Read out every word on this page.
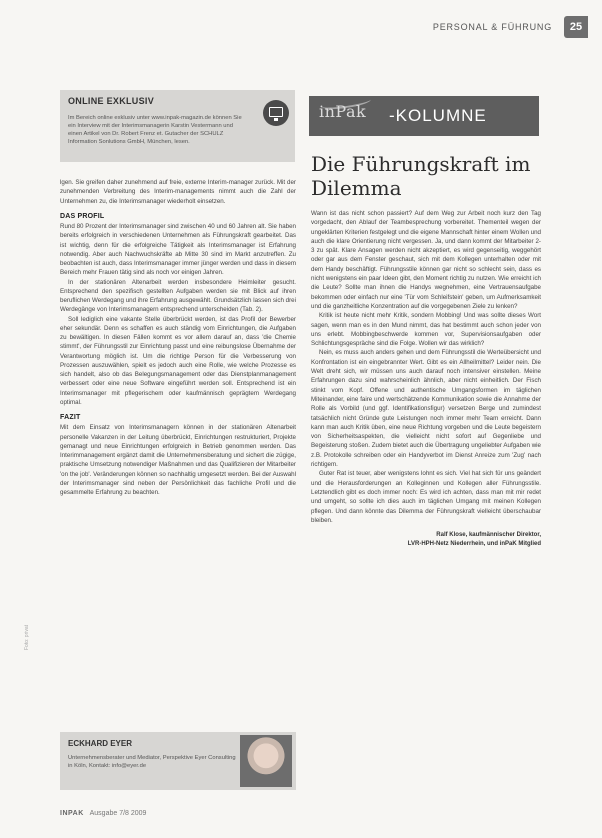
PERSONAL & FÜHRUNG	25
ONLINE EXKLUSIV
Im Bereich online exklusiv unter www.inpak-magazin.de können Sie ein Interview mit der Interimsmanagerin Karstin Vestermann und einen Artikel von Dr. Robert Frenz et. Gutacher der SCHULZ Information Sonlutions GmbH, München, lesen.

lgen. Sie greifen daher zunehmend auf freie, externe Interim-manager zurück. Mit der zunehmenden Verbreitung des Interim-managements nimmt auch die Zahl der Unternehmen zu, die Interimsmanager wiederholt einsetzen.

DAS PROFIL

Rund 80 Prozent der Interimsmanager sind zwischen 40 und 60 Jahren alt. Sie haben bereits erfolgreich in verschiedenen Unternehmen als Führungskraft gearbeitet. Das ist wichtig, denn für die erfolgreiche Tätigkeit als Interimsmanager ist Erfahrung notwendig. Aber auch Nachwuchskräfte ab Mitte 30 sind im Markt anzutreffen. Zu beobachten ist auch, dass Interimsmanager immer jünger werden und dass in diesem Bereich mehr Frauen tätig sind als noch vor einigen Jahren.

In der stationären Altenarbeit werden insbesondere Heimleiter gesucht. Entsprechend den spezifisch gestellten Aufgaben werden sie mit Blick auf ihren beruflichen Werdegang und ihre Erfahrung ausgewählt. Grundsätzlich lassen sich drei Werdegänge von Interimsmanagern entsprechend unterscheiden (Tab. 2).

Soll lediglich eine vakante Stelle überbrückt werden, ist das Profil der Bewerber eher sekundär. Denn es schaffen es auch ständig vom Einrichtungen, die Aufgaben zu bewältigen. In diesen Fällen kommt es vor allem darauf an, dass 'die Chemie stimmt', der Führungsstil zur Einrichtung passt und eine reibungslose Übernahme der Verantwortung möglich ist. Um die richtige Person für die Verbesserung von Prozessen auszuwählen, spielt es jedoch auch eine Rolle, wie welche Prozesse es sich handelt, also ob das Belegungsmanagement oder das Dienstplanmanagement verbessert oder eine neue Software eingeführt werden soll. Entsprechend ist ein Interimsmanager mit pflegerischem oder kaufmännisch geprägtem Werdegang optimal.

FAZIT

Mit dem Einsatz von Interimsmanagern können in der stationären Altenarbeit personelle Vakanzen in der Leitung überbrückt, Einrichtungen restrukturiert, Projekte gemanagt und neue Einrichtungen erfolgreich in Betrieb genommen werden. Das Interimmanagement ergänzt damit die Unternehmensberatung und sichert die zügige, praktische Umsetzung notwendiger Maßnahmen und das Qualifizieren der Mitarbeiter 'on the job'. Veränderungen können so nachhaltig umgesetzt werden. Bei der Auswahl der Interimsmanager sind neben der Persönlichkeit das fachliche Profil und die gesammelte Erfahrung zu beachten.

ECKHARD EYER
Unternehmensberater und Mediator, Perspektive Eyer Consulting in Köln, Kontakt: info@eyer.de
inPak -KOLUMNE
Die Führungskraft im Dilemma

Wann ist das nicht schon passiert? Auf dem Weg zur Arbeit noch kurz den Tag vorgedacht, den Ablauf der Teambesprechung vorbereitet. Thementeil wegen der ungeklärten Kriterien festgelegt und die eigene Mannschaft hinter einem Wollen und auch die klare Orientierung nicht vergessen. Ja, und dann kommt der Mitarbeiter 2-3 zu spät. Klare Ansagen werden nicht akzeptiert, es wird gegenseitig, weggehört oder gar aus dem Fenster geschaut, sich mit dem Kollegen unterhalten oder mit dem Handy beschäftigt. Führungsstile können gar nicht so schlecht sein, dass es nicht wenigstens ein paar Ideen gibt, den Moment richtig zu nutzen. Wie erreicht ich die Leute? Sollte man ihnen die Handys wegnehmen, eine Vertrauensaufgabe bekommen oder einfach nur eine 'Tür vom Schleifstein' geben, um Aufmerksamkeit und die ganzheitliche Konzentration auf die vorgegebenen Ziele zu lenken?

Kritik ist heute nicht mehr Kritik, sondern Mobbing! Und was sollte dieses Wort sagen, wenn man es in den Mund nimmt, das hat bestimmt auch schon jeder von uns erlebt. Mobbingbeschwerde kommen vor, Supervisionsaufgaben oder Schlichtungsgespräche sind die Folge. Wollen wir das wirklich?

Nein, es muss auch anders gehen und dem Führungsstil die Werteübersicht und Konfrontation ist ein eingebrannter Wert. Gibt es ein Allheilmittel? Leider nein. Die Welt dreht sich, wir müssen uns auch darauf noch intensiver einstellen. Meine Erfahrungen dazu sind wahrscheinlich ähnlich, aber nicht einheitlich. Der Fisch stinkt vom Kopf. Offene und authentische Umgangsformen im täglichen Miteinander, eine faire und wertschätzende Kommunikation sowie die Annahme der Rolle als Vorbild (und ggf. Identifikationsfigur) versetzen Berge und zumindest tatsächlich nicht Gründe gute Leistungen noch immer mehr Team erreicht. Dann kann man auch Kritik üben, eine neue Richtung vorgeben und die Leute begeistern von Sicherheitsaspekten, die vielleicht nicht sofort auf Gegenliebe und Begeisterung stoßen. Zudem bietet auch die Übertragung ungeliebter Aufgaben wie z.B. Protokolle schreiben oder ein Handyverbot im Dienst Anreize zum 'Zug' nach richtigem.

Guter Rat ist teuer, aber wenigstens lohnt es sich. Viel hat sich für uns geändert und die Herausforderungen an Kolleginnen und Kollegen aller Führungsstile. Letztendlich gibt es doch immer noch: Es wird ich achten, dass man mit mir redet und umgeht, so sollte ich dies auch im täglichen Umgang mit meinen Kollegen pflegen. Und dann könnte das Dilemma der Führungskraft vielleicht überschaubar bleiben.

Ralf Klose, kaufmännischer Direktor,
LVR-HPH-Netz Niederrhein, und inPaK Mitglied
INPAK Ausgabe 7/8 2009
Foto: privat
